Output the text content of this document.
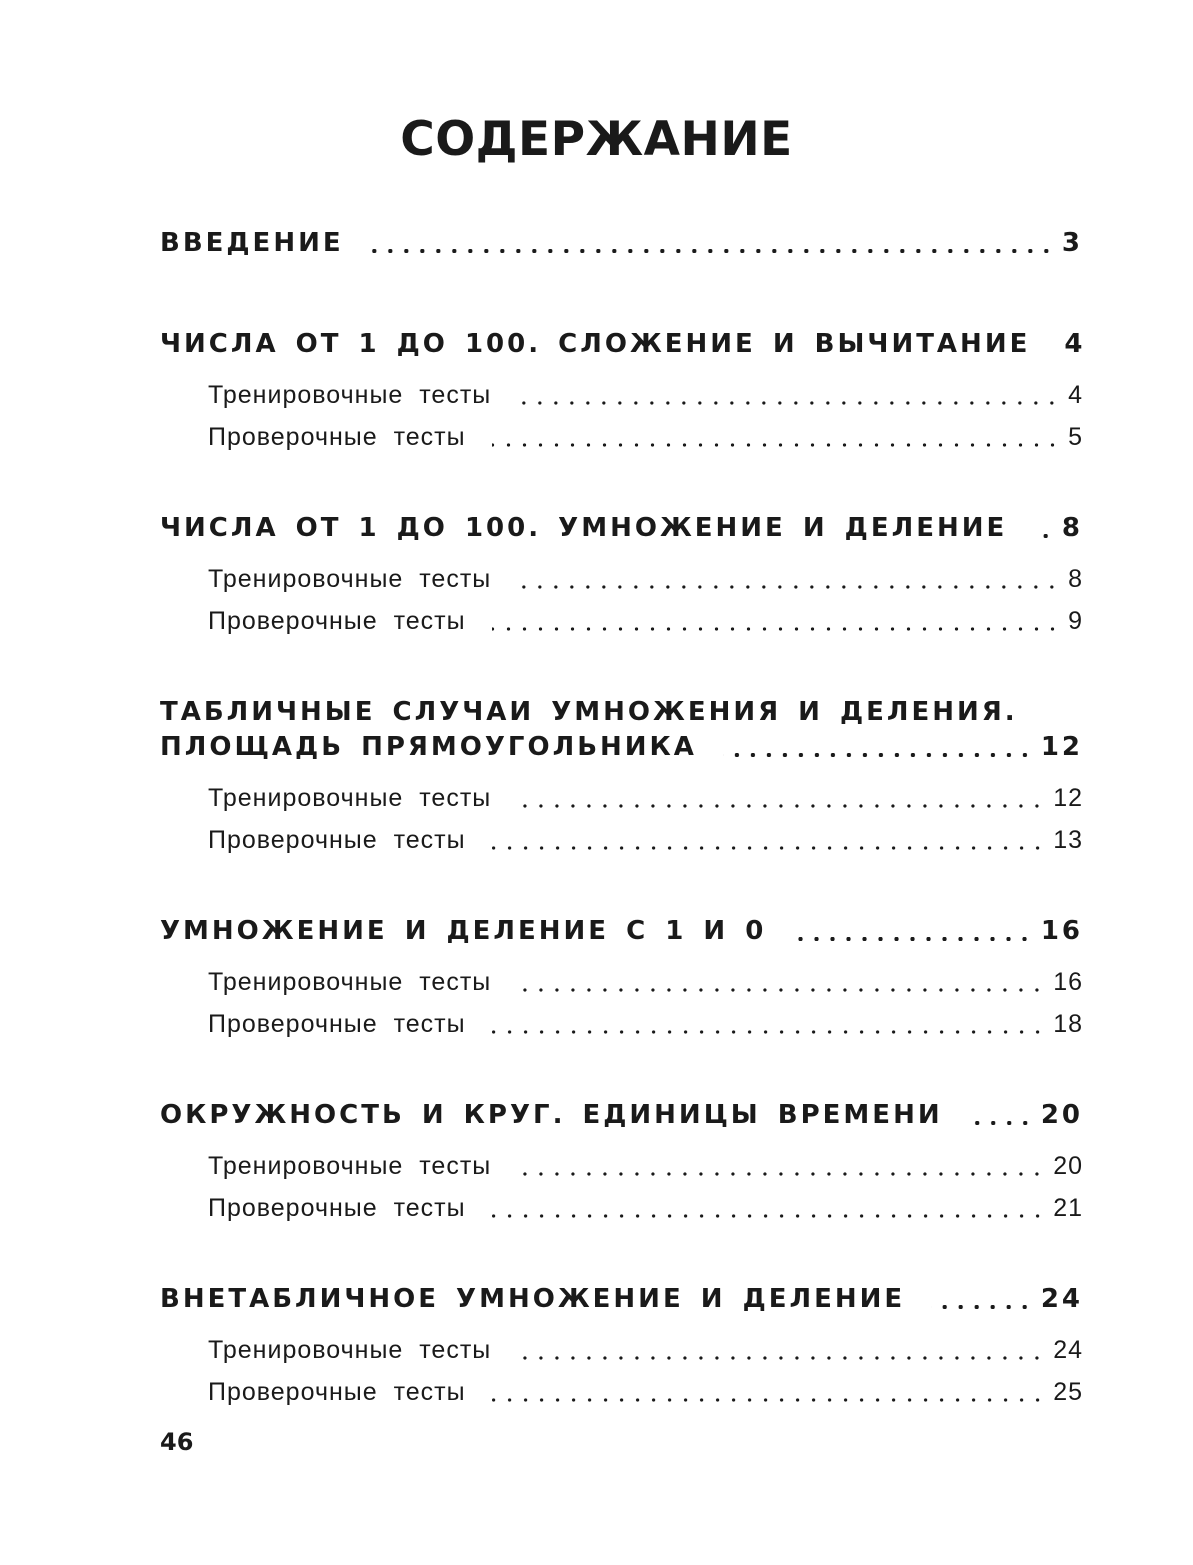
СОДЕРЖАНИЕ
ВВЕДЕНИЕ	3
ЧИСЛА ОТ 1 ДО 100. СЛОЖЕНИЕ И ВЫЧИТАНИЕ	4
Тренировочные тесты	4
Проверочные тесты	5
ЧИСЛА ОТ 1 ДО 100. УМНОЖЕНИЕ И ДЕЛЕНИЕ	8
Тренировочные тесты	8
Проверочные тесты	9
ТАБЛИЧНЫЕ СЛУЧАИ УМНОЖЕНИЯ И ДЕЛЕНИЯ.
ПЛОЩАДЬ ПРЯМОУГОЛЬНИКА	12
Тренировочные тесты	12
Проверочные тесты	13
УМНОЖЕНИЕ И ДЕЛЕНИЕ С 1 И 0	16
Тренировочные тесты	16
Проверочные тесты	18
ОКРУЖНОСТЬ И КРУГ. ЕДИНИЦЫ ВРЕМЕНИ	20
Тренировочные тесты	20
Проверочные тесты	21
ВНЕТАБЛИЧНОЕ УМНОЖЕНИЕ И ДЕЛЕНИЕ	24
Тренировочные тесты	24
Проверочные тесты	25
46
